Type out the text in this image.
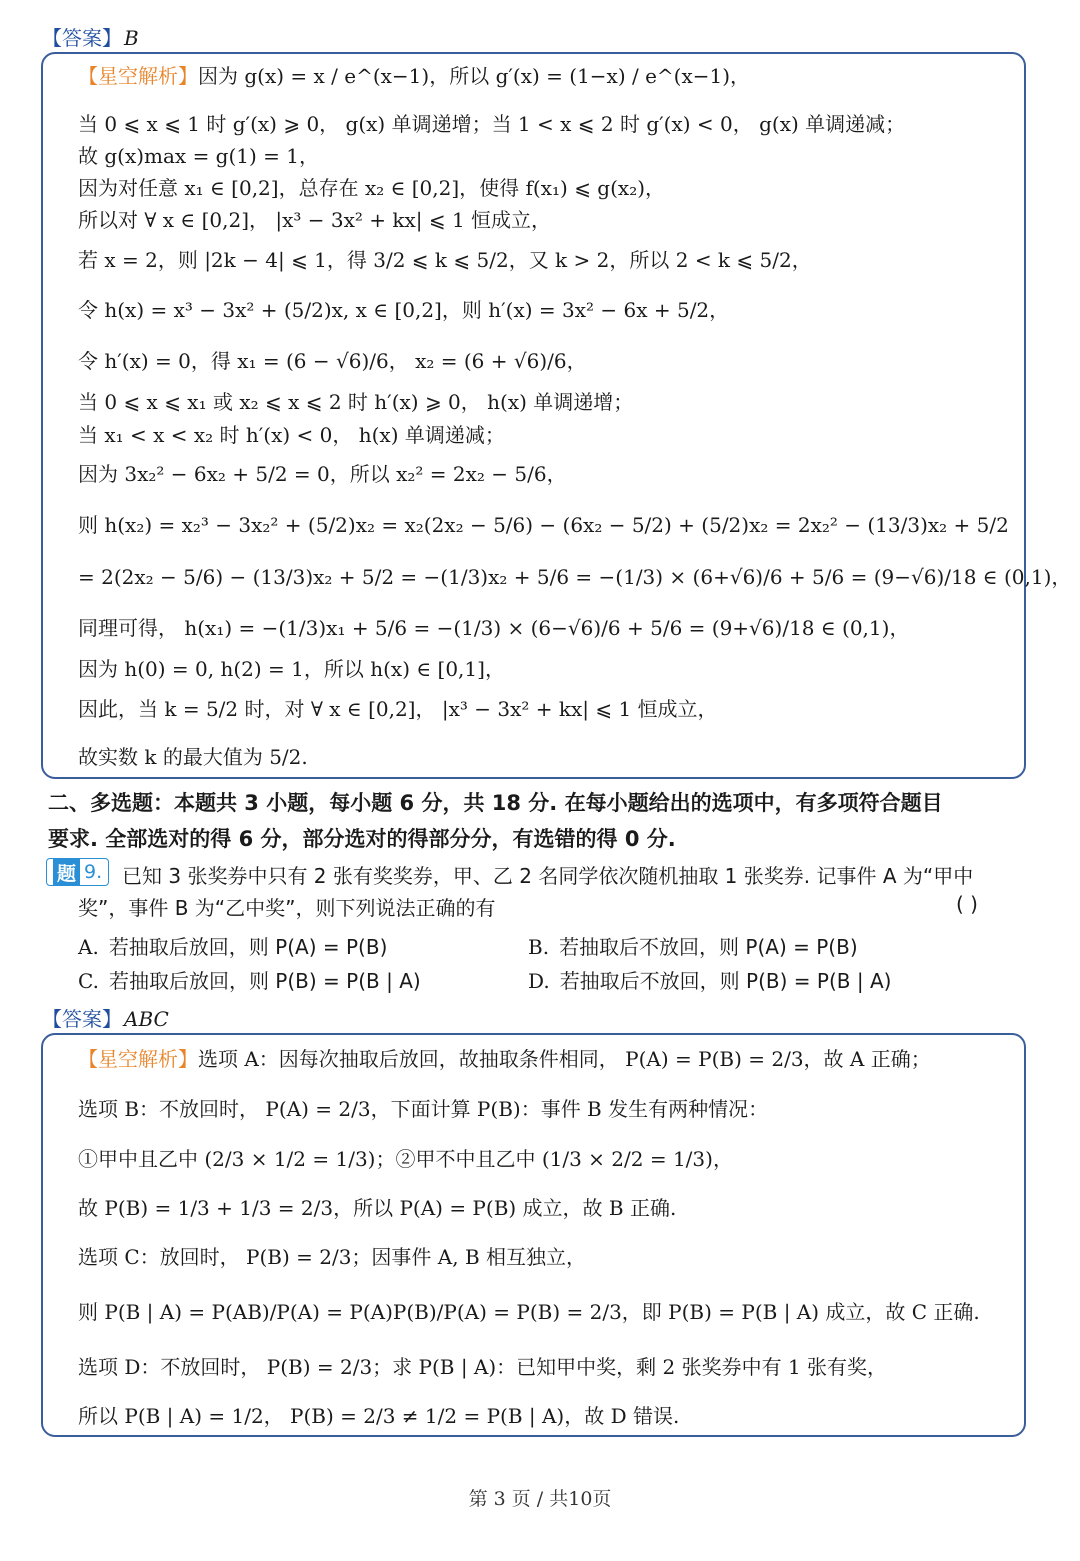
【答案】 B
【星空解析】 因为 g(x) = x / e^(x−1)，所以 g′(x) = (1−x) / e^(x−1)，
当 0 ⩽ x ⩽ 1 时 g′(x) ⩾ 0， g(x) 单调递增；当 1 < x ⩽ 2 时 g′(x) < 0， g(x) 单调递减；
故 g(x)max = g(1) = 1，
因为对任意 x₁ ∈ [0,2]，总存在 x₂ ∈ [0,2]，使得 f(x₁) ⩽ g(x₂)，
所以对 ∀ x ∈ [0,2]， |x³ − 3x² + kx| ⩽ 1 恒成立，
若 x = 2，则 |2k − 4| ⩽ 1，得 3/2 ⩽ k ⩽ 5/2，又 k > 2，所以 2 < k ⩽ 5/2，
令 h(x) = x³ − 3x² + (5/2)x, x ∈ [0,2]，则 h′(x) = 3x² − 6x + 5/2，
令 h′(x) = 0，得 x₁ = (6 − √6)/6， x₂ = (6 + √6)/6，
当 0 ⩽ x ⩽ x₁ 或 x₂ ⩽ x ⩽ 2 时 h′(x) ⩾ 0， h(x) 单调递增；
当 x₁ < x < x₂ 时 h′(x) < 0， h(x) 单调递减；
因为 3x₂² − 6x₂ + 5/2 = 0，所以 x₂² = 2x₂ − 5/6，
则 h(x₂) = x₂³ − 3x₂² + (5/2)x₂ = x₂(2x₂ − 5/6) − (6x₂ − 5/2) + (5/2)x₂ = 2x₂² − (13/3)x₂ + 5/2
= 2(2x₂ − 5/6) − (13/3)x₂ + 5/2 = −(1/3)x₂ + 5/6 = −(1/3) × (6+√6)/6 + 5/6 = (9−√6)/18 ∈ (0,1)，
同理可得， h(x₁) = −(1/3)x₁ + 5/6 = −(1/3) × (6−√6)/6 + 5/6 = (9+√6)/18 ∈ (0,1)，
因为 h(0) = 0, h(2) = 1，所以 h(x) ∈ [0,1]，
因此，当 k = 5/2 时，对 ∀ x ∈ [0,2]， |x³ − 3x² + kx| ⩽ 1 恒成立，
故实数 k 的最大值为 5/2.
二、多选题：本题共 3 小题，每小题 6 分，共 18 分. 在每小题给出的选项中，有多项符合题目
要求. 全部选对的得 6 分，部分选对的得部分分，有选错的得 0 分.
题 9. 已知 3 张奖券中只有 2 张有奖奖券，甲、乙 2 名同学依次随机抽取 1 张奖券. 记事件 A 为“甲中
奖”，事件 B 为“乙中奖”，则下列说法正确的有	( )
A. 若抽取后放回，则 P(A) = P(B)	B. 若抽取后不放回，则 P(A) = P(B)
C. 若抽取后放回，则 P(B) = P(B | A)	D. 若抽取后不放回，则 P(B) = P(B | A)
【答案】 ABC
【星空解析】 选项 A：因每次抽取后放回，故抽取条件相同， P(A) = P(B) = 2/3，故 A 正确；
选项 B：不放回时， P(A) = 2/3，下面计算 P(B)：事件 B 发生有两种情况：
①甲中且乙中 (2/3 × 1/2 = 1/3)；②甲不中且乙中 (1/3 × 2/2 = 1/3)，
故 P(B) = 1/3 + 1/3 = 2/3，所以 P(A) = P(B) 成立，故 B 正确.
选项 C：放回时， P(B) = 2/3；因事件 A, B 相互独立，
则 P(B | A) = P(AB)/P(A) = P(A)P(B)/P(A) = P(B) = 2/3，即 P(B) = P(B | A) 成立，故 C 正确.
选项 D：不放回时， P(B) = 2/3；求 P(B | A)：已知甲中奖，剩 2 张奖券中有 1 张有奖，
所以 P(B | A) = 1/2， P(B) = 2/3 ≠ 1/2 = P(B | A)，故 D 错误.
第 3 页 / 共10页
